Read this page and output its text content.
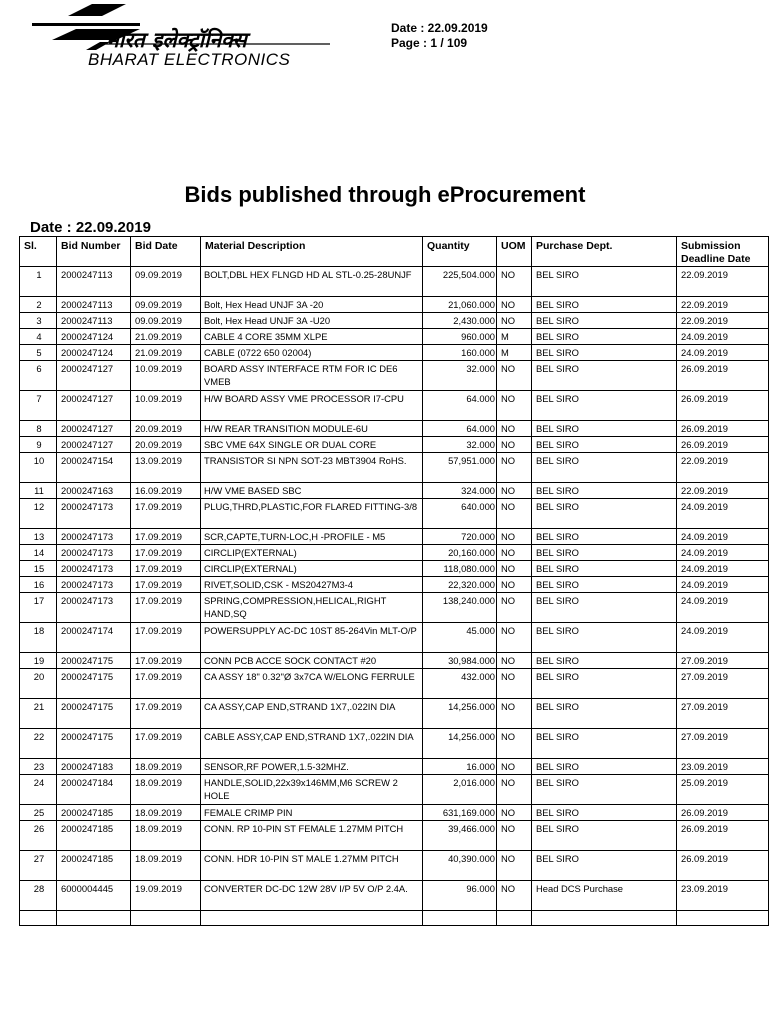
भारत इलेक्ट्रॉनिक्स
BHARAT ELECTRONICS
Date : 22.09.2019
Page : 1 / 109
Bids published through eProcurement
Date : 22.09.2019
Sl.	Bid Number	Bid Date	Material Description	Quantity	UOM	Purchase Dept.	Submission Deadline Date
1	2000247113	09.09.2019	BOLT,DBL HEX FLNGD HD AL STL-0.25-28UNJF	225,504.000	NO	BEL SIRO	22.09.2019
2	2000247113	09.09.2019	Bolt, Hex Head UNJF 3A -20	21,060.000	NO	BEL SIRO	22.09.2019
3	2000247113	09.09.2019	Bolt, Hex Head UNJF 3A -U20	2,430.000	NO	BEL SIRO	22.09.2019
4	2000247124	21.09.2019	CABLE 4 CORE 35MM XLPE	960.000	M	BEL SIRO	24.09.2019
5	2000247124	21.09.2019	CABLE (0722 650 02004)	160.000	M	BEL SIRO	24.09.2019
6	2000247127	10.09.2019	BOARD ASSY INTERFACE RTM FOR IC DE6 VMEB	32.000	NO	BEL SIRO	26.09.2019
7	2000247127	10.09.2019	H/W BOARD ASSY VME PROCESSOR I7-CPU	64.000	NO	BEL SIRO	26.09.2019
8	2000247127	20.09.2019	H/W REAR TRANSITION MODULE-6U	64.000	NO	BEL SIRO	26.09.2019
9	2000247127	20.09.2019	SBC VME 64X SINGLE OR DUAL CORE	32.000	NO	BEL SIRO	26.09.2019
10	2000247154	13.09.2019	TRANSISTOR SI NPN SOT-23 MBT3904 RoHS.	57,951.000	NO	BEL SIRO	22.09.2019
11	2000247163	16.09.2019	H/W VME BASED SBC	324.000	NO	BEL SIRO	22.09.2019
12	2000247173	17.09.2019	PLUG,THRD,PLASTIC,FOR FLARED FITTING-3/8	640.000	NO	BEL SIRO	24.09.2019
13	2000247173	17.09.2019	SCR,CAPTE,TURN-LOC,H -PROFILE - M5	720.000	NO	BEL SIRO	24.09.2019
14	2000247173	17.09.2019	CIRCLIP(EXTERNAL)	20,160.000	NO	BEL SIRO	24.09.2019
15	2000247173	17.09.2019	CIRCLIP(EXTERNAL)	118,080.000	NO	BEL SIRO	24.09.2019
16	2000247173	17.09.2019	RIVET,SOLID,CSK - MS20427M3-4	22,320.000	NO	BEL SIRO	24.09.2019
17	2000247173	17.09.2019	SPRING,COMPRESSION,HELICAL,RIGHT HAND,SQ	138,240.000	NO	BEL SIRO	24.09.2019
18	2000247174	17.09.2019	POWERSUPPLY AC-DC 10ST 85-264Vin MLT-O/P	45.000	NO	BEL SIRO	24.09.2019
19	2000247175	17.09.2019	CONN PCB ACCE SOCK CONTACT #20	30,984.000	NO	BEL SIRO	27.09.2019
20	2000247175	17.09.2019	CA ASSY 18" 0.32"Ø 3x7CA W/ELONG FERRULE	432.000	NO	BEL SIRO	27.09.2019
21	2000247175	17.09.2019	CA ASSY,CAP END,STRAND 1X7,.022IN DIA	14,256.000	NO	BEL SIRO	27.09.2019
22	2000247175	17.09.2019	CABLE ASSY,CAP END,STRAND 1X7,.022IN DIA	14,256.000	NO	BEL SIRO	27.09.2019
23	2000247183	18.09.2019	SENSOR,RF POWER,1.5-32MHZ.	16.000	NO	BEL SIRO	23.09.2019
24	2000247184	18.09.2019	HANDLE,SOLID,22x39x146MM,M6 SCREW 2 HOLE	2,016.000	NO	BEL SIRO	25.09.2019
25	2000247185	18.09.2019	FEMALE CRIMP PIN	631,169.000	NO	BEL SIRO	26.09.2019
26	2000247185	18.09.2019	CONN. RP 10-PIN ST FEMALE 1.27MM PITCH	39,466.000	NO	BEL SIRO	26.09.2019
27	2000247185	18.09.2019	CONN. HDR 10-PIN ST MALE 1.27MM PITCH	40,390.000	NO	BEL SIRO	26.09.2019
28	6000004445	19.09.2019	CONVERTER DC-DC 12W 28V I/P 5V O/P 2.4A.	96.000	NO	Head DCS Purchase	23.09.2019
